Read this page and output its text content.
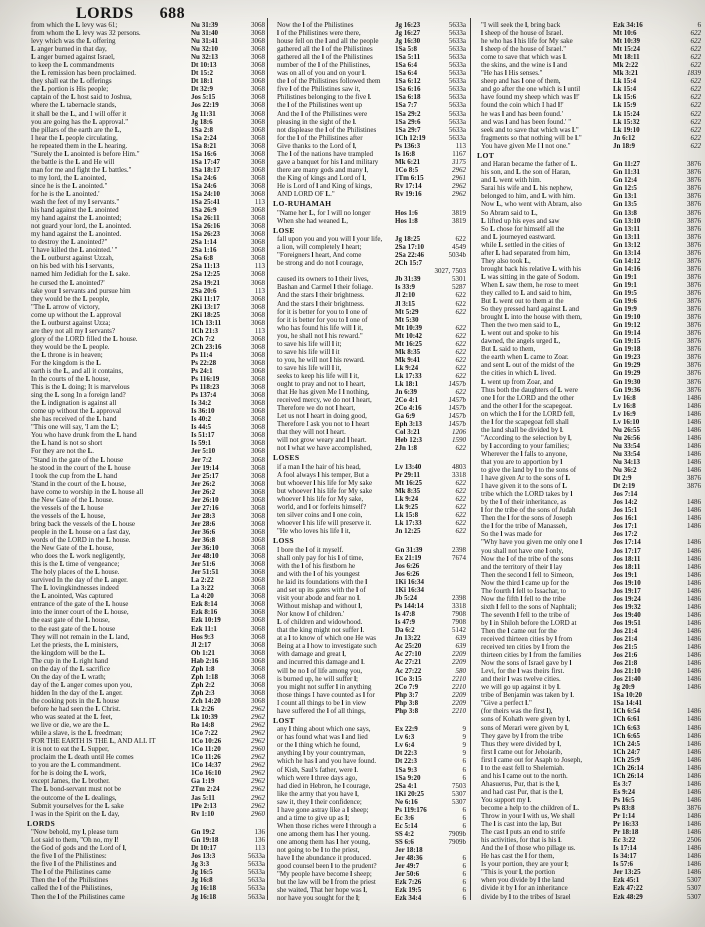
LORDS 688
from which the L levy was 61;	Nu 31:39	3068
from whom the L levy was 32 persons.	Nu 31:40	3068
levy which was the L offering	Nu 31:41	3068
L anger burned in that day,	Nu 32:10	3068
L anger burned against Israel,	Nu 32:13	3068
to keep the L commandments	Dt 10:13	3068
the L remission has been proclaimed.	Dt 15:2	3068
they shall eat the L offerings	Dt 18:1	3068
the L portion is His people;	Dt 32:9	3068
captain of the L host said to Joshua,	Jos 5:15	3068
where the L tabernacle stands,	Jos 22:19	3068
it shall be the L, and I will offer it	Jg 11:31	3068
you are going has the L approval."	Jg 18:6	3068
the pillars of the earth are the L,	1Sa 2:8	3068
I hear the L people circulating,	1Sa 2:24	3068
he repeated them in the L hearing.	1Sa 8:21	3068
"Surely the L anointed is before Him."	1Sa 16:6	3068
the battle is the L and He will	1Sa 17:47	3068
man for me and fight the L battles."	1Sa 18:17	3068
to my lord, the L anointed,	1Sa 24:6	3068
since he is the L anointed."	1Sa 24:6	3068
for he is the L anointed.'	1Sa 24:10	3068
wash the feet of my l servants."	1Sa 25:41	113
his hand against the L anointed	1Sa 26:9	3068
my hand against the L anointed;	1Sa 26:11	3068
not guard your lord, the L anointed.	1Sa 26:16	3068
my hand against the L anointed.	1Sa 26:23	3068
to destroy the L anointed?"	2Sa 1:14	3068
'I have killed the L anointed.' "	2Sa 1:16	3068
the L outburst against Uzzah,	2Sa 6:8	3068
on his bed with his l servants,	2Sa 11:13	113
named him Jedidiah for the L sake.	2Sa 12:25	3068
he cursed the L anointed?'	2Sa 19:21	3068
take your l servants and pursue him	2Sa 20:6	113
they would be the L people,	2Ki 11:17	3068
"The L arrow of victory,	2Ki 13:17	3068
come up without the L approval	2Ki 18:25	3068
the L outburst against Uzza;	1Ch 13:11	3068
are they not all my l servants?	1Ch 21:3	113
glory of the LORD filled the L house.	2Ch 7:2	3068
they would be the L people.	2Ch 23:16	3068
the L throne is in heaven;	Ps 11:4	3068
For the kingdom is the L	Ps 22:28	3068
earth is the L, and all it contains,	Ps 24:1	3068
In the courts of the L house,	Ps 116:19	3068
This is the L doing; It is marvelous	Ps 118:23	3068
sing the L song In a foreign land?	Ps 137:4	3068
the L indignation is against all	Is 34:2	3068
come up without the L approval	Is 36:10	3068
she has received of the L hand	Is 40:2	3068
"This one will say, 'I am the L';	Is 44:5	3068
You who have drunk from the L hand	Is 51:17	3068
the L hand is not so short	Is 59:1	3068
For they are not the L.	Jer 5:10	3068
"Stand in the gate of the L house	Jer 7:2	3068
he stood in the court of the L house	Jer 19:14	3068
I took the cup from the L hand	Jer 25:17	3068
'Stand in the court of the L house,	Jer 26:2	3068
have come to worship in the L house all	Jer 26:2	3068
the New Gate of the L house.	Jer 26:10	3068
the vessels of the L house	Jer 27:16	3068
the vessels of the L house,	Jer 28:3	3068
bring back the vessels of the L house	Jer 28:6	3068
people in the L house on a fast day,	Jer 36:6	3068
words of the LORD in the L house.	Jer 36:8	3068
the New Gate of the L house,	Jer 36:10	3068
who does the L work negligently,	Jer 48:10	3068
this is the L time of vengeance;	Jer 51:6	3068
The holy places of the L house.	Jer 51:51	3068
survived In the day of the L anger.	La 2:22	3068
The L lovingkindnesses indeed	La 3:22	3068
the L anointed, Was captured	La 4:20	3068
entrance of the gate of the L house	Ezk 8:14	3068
into the inner court of the L house,	Ezk 8:16	3068
the east gate of the L house,	Ezk 10:19	3068
to the east gate of the L house	Ezk 11:1	3068
They will not remain in the L land,	Hos 9:3	3068
Let the priests, the L ministers,	Jl 2:17	3068
the kingdom will be the L.	Ob 1:21	3068
The cup in the L right hand	Hab 2:16	3068
on the day of the L sacrifice	Zph 1:8	3068
On the day of the L wrath;	Zph 1:18	3068
day of the L anger comes upon you,	Zph 2:2	3068
hidden In the day of the L anger.	Zph 2:3	3068
the cooking pots in the L house	Zch 14:20	3068
before he had seen the L Christ.	Lk 2:26	2962
who was seated at the L feet,	Lk 10:39	2962
we live or die, we are the L.	Ro 14:8	2962
while a slave, is the L freedman;	1Co 7:22	2962
FOR THE EARTH IS THE L, AND ALL IT	1Co 10:26	2962
it is not to eat the L Supper,	1Co 11:20	2960
proclaim the L death until He comes	1Co 11:26	2962
to you are the L commandment.	1Co 14:37	2962
for he is doing the L work,	1Co 16:10	2962
except James, the L brother.	Ga 1:19	2962
The L bond-servant must not be	2Tm 2:24	2962
the outcome of the L dealings,	Jas 5:11	2962
Submit yourselves for the L sake	1Pe 2:13	2962
I was in the Spirit on the L day,	Rv 1:10	2960
LORDS
"Now behold, my l, please turn	Gn 19:2	136
Lot said to them, "Oh no, my l!	Gn 19:18	136
the God of gods and the Lord of l,	Dt 10:17	113
the five l of the Philistines:	Jos 13:3	5633a
the five l of the Philistines and	Jg 3:3	5633a
The l of the Philistines came	Jg 16:5	5633a
Then the l of the Philistines	Jg 16:8	5633a
called the l of the Philistines,	Jg 16:18	5633a
Then the l of the Philistines came	Jg 16:18	5633a
Now the l of the Philistines	Jg 16:23	5633a
l of the Philistines were there,	Jg 16:27	5633a
house fell on the l and all the people	Jg 16:30	5633a
gathered all the l of the Philistines	1Sa 5:8	5633a
gathered all the l of the Philistines	1Sa 5:11	5633a
number of the l of the Philistines,	1Sa 6:4	5633a
was on all of you and on your l.	1Sa 6:4	5633a
the l of the Philistines followed them	1Sa 6:12	5633a
five l of the Philistines saw it,	1Sa 6:16	5633a
Philistines belonging to the five l.	1Sa 6:18	5633a
the l of the Philistines went up	1Sa 7:7	5633a
And the l of the Philistines were	1Sa 29:2	5633a
pleasing in the sight of the l.	1Sa 29:6	5633a
not displease the l of the Philistines	1Sa 29:7	5633a
for the l of the Philistines after	1Ch 12:19	5633a
Give thanks to the Lord of l,	Ps 136:3	113
The l of the nations have trampled	Is 16:8	1167
gave a banquet for his l and military	Mk 6:21	3175
there are many gods and many l,	1Co 8:5	2962
the King of kings and Lord of l,	1Tm 6:15	2961
He is Lord of l and King of kings,	Rv 17:14	2962
AND LORD OF L."	Rv 19:16	2962
LO-RUHAMAH
"Name her L, for I will no longer	Hos 1:6	3819
When she had weaned L,	Hos 1:8	3819
LOSE
fall upon you and you will l your life,	Jg 18:25	622
a lion, will completely l heart;	2Sa 17:10	4549
"Foreigners l heart, And come	2Sa 22:46	5034b
be strong and do not l courage,	2Ch 15:7
3027, 7503
caused its owners to l their lives,	Jb 31:39	5301
Bashan and Carmel l their foliage.	Is 33:9	5287
And the stars l their brightness.	Jl 2:10	622
And the stars l their brightness.	Jl 3:15	622
for it is better for you to l one of	Mt 5:29	622
for it is better for you to l one of	Mt 5:30
who has found his life will l it,	Mt 10:39	622
you, he shall not l his reward."	Mt 10:42	622
to save his life will l it;	Mt 16:25	622
to save his life will l it	Mk 8:35	622
to you, he will not l his reward.	Mk 9:41	622
to save his life will l it,	Lk 9:24	622
seeks to keep his life will l it,	Lk 17:33	622
ought to pray and not to l heart,	Lk 18:1	1457b
that He has given Me I l nothing,	Jn 6:39	622
received mercy, we do not l heart,	2Co 4:1	1457b
Therefore we do not l heart,	2Co 4:16	1457b
Let us not l heart in doing good,	Ga 6:9	1457b
Therefore I ask you not to l heart	Eph 3:13	1457b
that they will not l heart.	Col 3:21	1206
will not grow weary and l heart.	Heb 12:3	1590
not l what we have accomplished,	2Jn 1:8	622
LOSES
if a man l the hair of his head,	Lv 13:40	4803
A fool always l his temper, But a	Pr 29:11	3318
but whoever l his life for My sake	Mt 16:25	622
but whoever l his life for My sake	Mk 8:35	622
whoever l his life for My sake,	Lk 9:24	622
world, and l or forfeits himself?	Lk 9:25	622
ten silver coins and l one coin,	Lk 15:8	622
whoever l his life will preserve it.	Lk 17:33	622
"He who loves his life l it,	Jn 12:25	622
LOSS
I bore the l of it myself.	Gn 31:39	2398
shall only pay for his l of time,	Ex 21:19	7674
with the l of his firstborn he	Jos 6:26
and with the l of his youngest	Jos 6:26
he laid its foundations with the l	1Ki 16:34
and set up its gates with the l of	1Ki 16:34
visit your abode and fear no l.	Jb 5:24	2398
Without mishap and without l,	Ps 144:14	3318
Nor know l of children.'	Is 47:8	7908
L of children and widowhood.	Is 47:9	7908
that the king might not suffer l.	Da 6:2	5142
at a l to know of which one He was	Jn 13:22	639
Being at a l how to investigate such	Ac 25:20	639
with damage and great l,	Ac 27:10	2209
and incurred this damage and l.	Ac 27:21	2209
will be no l of life among you,	Ac 27:22	580
is burned up, he will suffer l;	1Co 3:15	2210
you might not suffer l in anything	2Co 7:9	2210
those things I have counted as l for	Php 3:7	2209
I count all things to be l in view	Php 3:8	2209
have suffered the l of all things,	Php 3:8	2210
LOST
any l thing about which one says,	Ex 22:9	9
or has found what was l and lied	Lv 6:3	9
or the l thing which he found,	Lv 6:4	9
anything l by your countryman,	Dt 22:3	9
which he has l and you have found.	Dt 22:3	6
of Kish, Saul's father, were l.	1Sa 9:3	6
which were l three days ago,	1Sa 9:20	6
had died in Hebron, he l courage,	2Sa 4:1	7503
like the army that you have l,	1Ki 20:25	5307
saw it, they l their confidence;	Ne 6:16	5307
I have gone astray like a l sheep;	Ps 119:176	6
and a time to give up as l;	Ec 3:6	6
When those riches were l through a	Ec 5:14	6
one among them has l her young.	SS 4:2	7909b
one among them has l her young,	SS 6:6	7909b
not going to be l to the priest,	Jer 18:18
have l the abundance it produced.	Jer 48:36	6
good counsel been l to the prudent?	Jer 49:7	6
"My people have become l sheep;	Jer 50:6	6
but the law will be l from the priest	Ezk 7:26	6
she waited, That her hope was l,	Ezk 19:5	6
nor have you sought for the l;	Ezk 34:4	6
"I will seek the l, bring back	Ezk 34:16	6
l sheep of the house of Israel.	Mt 10:6	622
he who has l his life for My sake	Mt 10:39	622
l sheep of the house of Israel."	Mt 15:24	622
come to save that which was l.	Mt 18:11	622
the skins, and the wine is l and	Mk 2:22	622
"He has l His senses."	Mk 3:21	1839
sheep and has l one of them,	Lk 15:4	622
and go after the one which is l until	Lk 15:4	622
have found my sheep which was l!'	Lk 15:6	622
found the coin which I had l!'	Lk 15:9	622
he was l and has been found.'	Lk 15:24	622
and was l and has been found.' "	Lk 15:32	622
seek and to save that which was l."	Lk 19:10	622
fragments so that nothing will be l."	Jn 6:12	622
You have given Me I l not one."	Jn 18:9	622
LOT
and Haran became the father of L.	Gn 11:27	3876
his son, and L the son of Haran,	Gn 11:31	3876
and L went with him.	Gn 12:4	3876
Sarai his wife and L his nephew,	Gn 12:5	3876
belonged to him, and L with him.	Gn 13:1	3876
Now L, who went with Abram, also	Gn 13:5	3876
So Abram said to L,	Gn 13:8	3876
L lifted up his eyes and saw	Gn 13:10	3876
So L chose for himself all the	Gn 13:11	3876
and L journeyed eastward.	Gn 13:11	3876
while L settled in the cities of	Gn 13:12	3876
after L had separated from him,	Gn 13:14	3876
They also took L,	Gn 14:12	3876
brought back his relative L with his	Gn 14:16	3876
L was sitting in the gate of Sodom.	Gn 19:1	3876
When L saw them, he rose to meet	Gn 19:1	3876
they called to L and said to him,	Gn 19:5	3876
But L went out to them at the	Gn 19:6	3876
So they pressed hard against L and	Gn 19:9	3876
brought L into the house with them,	Gn 19:10	3876
Then the two men said to L,	Gn 19:12	3876
L went out and spoke to his	Gn 19:14	3876
dawned, the angels urged L,	Gn 19:15	3876
But L said to them,	Gn 19:18	3876
the earth when L came to Zoar.	Gn 19:23	3876
and sent L out of the midst of the	Gn 19:29	3876
the cities in which L lived.	Gn 19:29	3876
L went up from Zoar, and	Gn 19:30	3876
Thus both the daughters of L were	Gn 19:36	3876
one l for the LORD and the other	Lv 16:8	1486
and the other l for the scapegoat.	Lv 16:8	1486
on which the l for the LORD fell,	Lv 16:9	1486
the l for the scapegoat fell shall	Lv 16:10	1486
the land shall be divided by l.	Nu 26:55	1486
"According to the selection by l,	Nu 26:56	1486
by l according to your families;	Nu 33:54	1486
Wherever the l falls to anyone,	Nu 33:54	1486
that you are to apportion by l	Nu 34:13	1486
to give the land by l to the sons of	Nu 36:2	1486
I have given Ar to the sons of L	Dt 2:9	3876
I have given it to the sons of L	Dt 2:19	3876
tribe which the LORD takes by l	Jos 7:14
by the l of their inheritance, as	Jos 14:2	1486
l for the tribe of the sons of Judah	Jos 15:1	1486
Then the l for the sons of Joseph	Jos 16:1	1486
the l for the tribe of Manasseh,	Jos 17:1	1486
So the l was made for	Jos 17:2
"Why have you given me only one l	Jos 17:14	1486
you shall not have one l only,	Jos 17:17	1486
Now the l of the tribe of the sons	Jos 18:11	1486
and the territory of their l lay	Jos 18:11	1486
Then the second l fell to Simeon,	Jos 19:1	1486
Now the third l came up for the	Jos 19:10	1486
The fourth l fell to Issachar, to	Jos 19:17	1486
Now the fifth l fell to the tribe	Jos 19:24	1486
sixth l fell to the sons of Naphtali;	Jos 19:32	1486
The seventh l fell to the tribe of	Jos 19:40	1486
by l in Shiloh before the LORD at	Jos 19:51	1486
Then the l came out for the	Jos 21:4	1486
received thirteen cities by l from	Jos 21:4	1486
received ten cities by l from the	Jos 21:5	1486
thirteen cities by l from the families	Jos 21:6	1486
Now the sons of Israel gave by l	Jos 21:8	1486
Levi, for the l was theirs first.	Jos 21:10	1486
and their l was twelve cities.	Jos 21:40	1486
we will go up against it by l.	Jg 20:9	1486
tribe of Benjamin was taken by l.	1Sa 10:20
"Give a perfect l."	1Sa 14:41
(for theirs was the first l),	1Ch 6:54	1486
sons of Kohath were given by l,	1Ch 6:61	1486
sons of Merari were given by l,	1Ch 6:63	1486
They gave by l from the tribe	1Ch 6:65	1486
Thus they were divided by l,	1Ch 24:5	1486
first l came out for Jehoiarib,	1Ch 24:7	1486
first l came out for Asaph to Joseph,	1Ch 25:9	1486
l to the east fell to Shelemiah.	1Ch 26:14	1486
and his l came out to the north.	1Ch 26:14	1486
Ahasuerus, Pur, that is the l,	Es 3:7	1486
and had cast Pur, that is the l,	Es 9:24	1486
You support my l.	Ps 16:5	1486
become a help to the children of L.	Ps 83:8	3876
Throw in your l with us, We shall	Pr 1:14	1486
The l is cast into the lap, But	Pr 16:33	1486
The cast l puts an end to strife	Pr 18:18	1486
his activities, for that is his l.	Ec 3:22	2506
And the l of those who pillage us.	Is 17:14	1486
He has cast the l for them,	Is 34:17	1486
Is your portion, they are your l;	Is 57:6	1486
"This is your l, the portion	Jer 13:25	1486
when you divide by l the land	Ezk 45:1	5307
divide it by l for an inheritance	Ezk 47:22	5307
divide by l to the tribes of Israel	Ezk 48:29	5307
